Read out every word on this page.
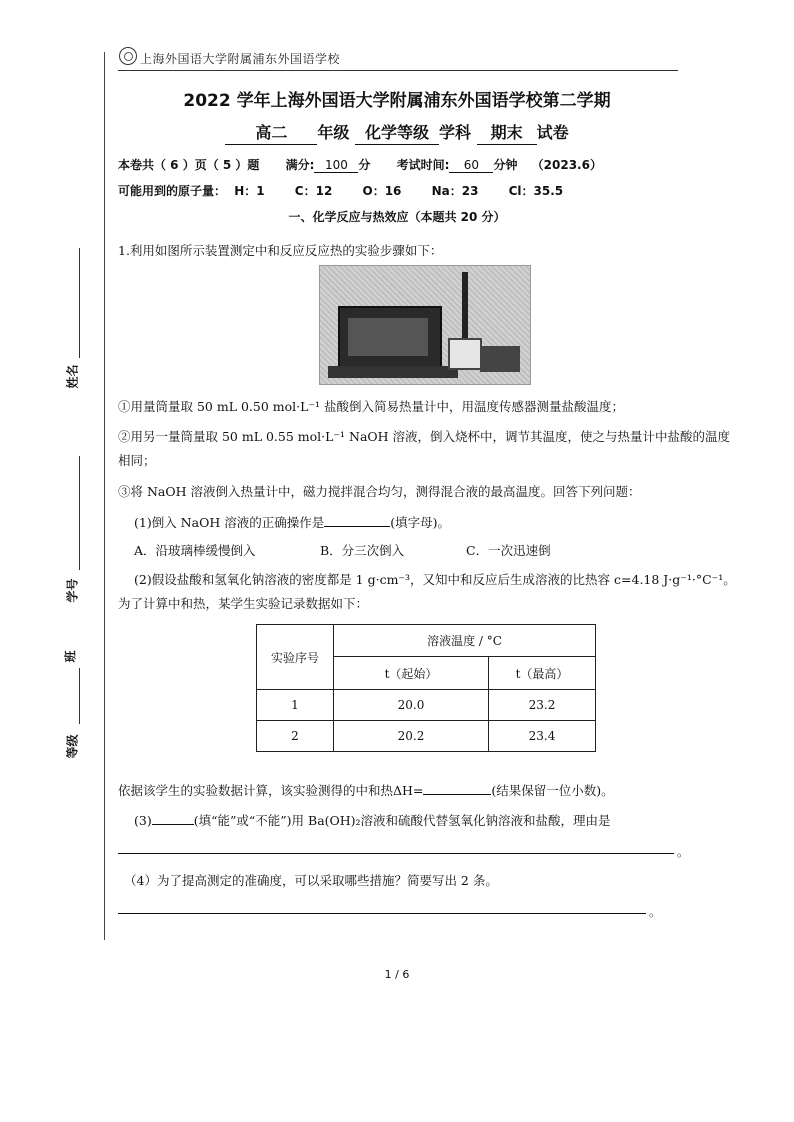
上海外国语大学附属浦东外国语学校
2022 学年上海外国语大学附属浦东外国语学校第二学期
高二 年级 化学等级 学科 期末 试卷
本卷共（ 6 ）页（ 5 ）题 满分: 100 分 考试时间: 60 分钟 （2023.6）
可能用到的原子量： H：1	C：12	O：16	Na：23	Cl：35.5
一、化学反应与热效应（本题共 20 分）
1.利用如图所示装置测定中和反应反应热的实验步骤如下：
①用量筒量取 50 mL 0.50 mol·L⁻¹ 盐酸倒入简易热量计中，用温度传感器测量盐酸温度；
②用另一量筒量取 50 mL 0.55 mol·L⁻¹ NaOH 溶液，倒入烧杯中，调节其温度，使之与热量计中盐酸的温度
相同；
③将 NaOH 溶液倒入热量计中，磁力搅拌混合均匀，测得混合液的最高温度。回答下列问题：
(1)倒入 NaOH 溶液的正确操作是	(填字母)。
A．沿玻璃棒缓慢倒入	B．分三次倒入	C．一次迅速倒
(2)假设盐酸和氢氧化钠溶液的密度都是 1 g·cm⁻³，又知中和反应后生成溶液的比热容 c=4.18 J·g⁻¹·°C⁻¹。
为了计算中和热，某学生实验记录数据如下：
实验序号	溶液温度 / °C	
	t（起始）	t（最高）
1	20.0	23.2
2	20.2	23.4
依据该学生的实验数据计算，该实验测得的中和热ΔH=	(结果保留一位小数)。
(3)	(填“能”或“不能”)用 Ba(OH)₂溶液和硫酸代替氢氧化钠溶液和盐酸，理由是
。
（4）为了提高测定的准确度，可以采取哪些措施？简要写出 2 条。
。
姓名
学号
班
等级
1 / 6
